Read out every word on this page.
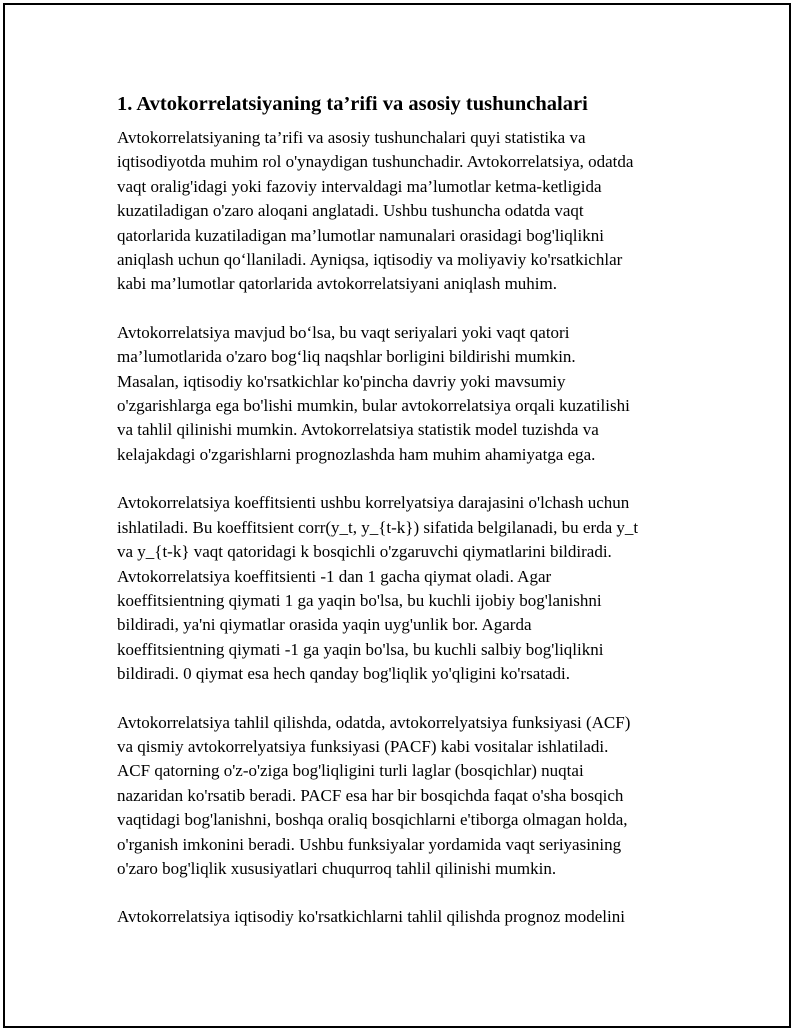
1. Avtokorrelatsiyaning ta’rifi va asosiy tushunchalari

Avtokorrelatsiyaning ta’rifi va asosiy tushunchalari quyi statistika va
iqtisodiyotda muhim rol o'ynaydigan tushunchadir. Avtokorrelatsiya, odatda
vaqt oralig'idagi yoki fazoviy intervaldagi ma’lumotlar ketma-ketligida
kuzatiladigan o'zaro aloqani anglatadi. Ushbu tushuncha odatda vaqt
qatorlarida kuzatiladigan ma’lumotlar namunalari orasidagi bog'liqlikni
aniqlash uchun qo‘llaniladi. Ayniqsa, iqtisodiy va moliyaviy ko'rsatkichlar
kabi ma’lumotlar qatorlarida avtokorrelatsiyani aniqlash muhim.

Avtokorrelatsiya mavjud bo‘lsa, bu vaqt seriyalari yoki vaqt qatori
ma’lumotlarida o'zaro bog‘liq naqshlar borligini bildirishi mumkin.
Masalan, iqtisodiy ko'rsatkichlar ko'pincha davriy yoki mavsumiy
o'zgarishlarga ega bo'lishi mumkin, bular avtokorrelatsiya orqali kuzatilishi
va tahlil qilinishi mumkin. Avtokorrelatsiya statistik model tuzishda va
kelajakdagi o'zgarishlarni prognozlashda ham muhim ahamiyatga ega.

Avtokorrelatsiya koeffitsienti ushbu korrelyatsiya darajasini o'lchash uchun
ishlatiladi. Bu koeffitsient corr(y_t, y_{t-k}) sifatida belgilanadi, bu erda y_t
va y_{t-k} vaqt qatoridagi k bosqichli o'zgaruvchi qiymatlarini bildiradi.
Avtokorrelatsiya koeffitsienti -1 dan 1 gacha qiymat oladi. Agar
koeffitsientning qiymati 1 ga yaqin bo'lsa, bu kuchli ijobiy bog'lanishni
bildiradi, ya'ni qiymatlar orasida yaqin uyg'unlik bor. Agarda
koeffitsientning qiymati -1 ga yaqin bo'lsa, bu kuchli salbiy bog'liqlikni
bildiradi. 0 qiymat esa hech qanday bog'liqlik yo'qligini ko'rsatadi.

Avtokorrelatsiya tahlil qilishda, odatda, avtokorrelyatsiya funksiyasi (ACF)
va qismiy avtokorrelyatsiya funksiyasi (PACF) kabi vositalar ishlatiladi.
ACF qatorning o'z-o'ziga bog'liqligini turli laglar (bosqichlar) nuqtai
nazaridan ko'rsatib beradi. PACF esa har bir bosqichda faqat o'sha bosqich
vaqtidagi bog'lanishni, boshqa oraliq bosqichlarni e'tiborga olmagan holda,
o'rganish imkonini beradi. Ushbu funksiyalar yordamida vaqt seriyasining
o'zaro bog'liqlik xususiyatlari chuqurroq tahlil qilinishi mumkin.

Avtokorrelatsiya iqtisodiy ko'rsatkichlarni tahlil qilishda prognoz modelini
